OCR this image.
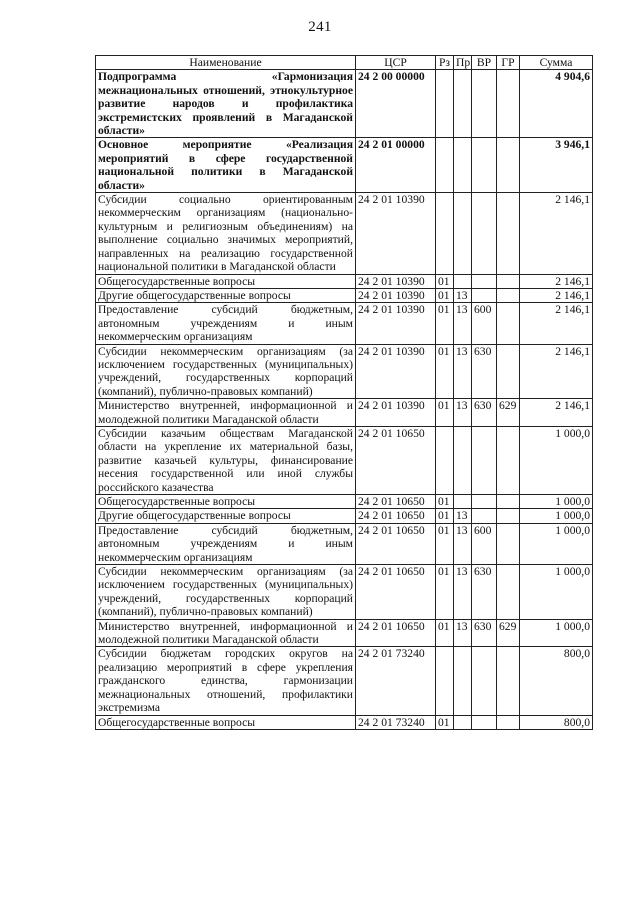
241
Наименование	ЦСР	Рз	Пр	ВР	ГР	Сумма
Подпрограмма «Гармонизация межнациональных отношений, этнокультурное развитие народов и профилактика экстремистских проявлений в Магаданской области»	24 2 00 00000					4 904,6
Основное мероприятие «Реализация мероприятий в сфере государственной национальной политики в Магаданской области»	24 2 01 00000					3 946,1
Субсидии социально ориентированным некоммерческим организациям (национально-культурным и религиозным объединениям) на выполнение социально значимых мероприятий, направленных на реализацию государственной национальной политики в Магаданской области	24 2 01 10390					2 146,1
Общегосударственные вопросы	24 2 01 10390	01				2 146,1
Другие общегосударственные вопросы	24 2 01 10390	01	13			2 146,1
Предоставление субсидий бюджетным, автономным учреждениям и иным некоммерческим организациям	24 2 01 10390	01	13	600		2 146,1
Субсидии некоммерческим организациям (за исключением государственных (муниципальных) учреждений, государственных корпораций (компаний), публично-правовых компаний)	24 2 01 10390	01	13	630		2 146,1
Министерство внутренней, информационной и молодежной политики Магаданской области	24 2 01 10390	01	13	630	629	2 146,1
Субсидии казачьим обществам Магаданской области на укрепление их материальной базы, развитие казачьей культуры, финансирование несения государственной или иной службы российского казачества	24 2 01 10650					1 000,0
Общегосударственные вопросы	24 2 01 10650	01				1 000,0
Другие общегосударственные вопросы	24 2 01 10650	01	13			1 000,0
Предоставление субсидий бюджетным, автономным учреждениям и иным некоммерческим организациям	24 2 01 10650	01	13	600		1 000,0
Субсидии некоммерческим организациям (за исключением государственных (муниципальных) учреждений, государственных корпораций (компаний), публично-правовых компаний)	24 2 01 10650	01	13	630		1 000,0
Министерство внутренней, информационной и молодежной политики Магаданской области	24 2 01 10650	01	13	630	629	1 000,0
Субсидии бюджетам городских округов на реализацию мероприятий в сфере укрепления гражданского единства, гармонизации межнациональных отношений, профилактики экстремизма	24 2 01 73240					800,0
Общегосударственные вопросы	24 2 01 73240	01				800,0
